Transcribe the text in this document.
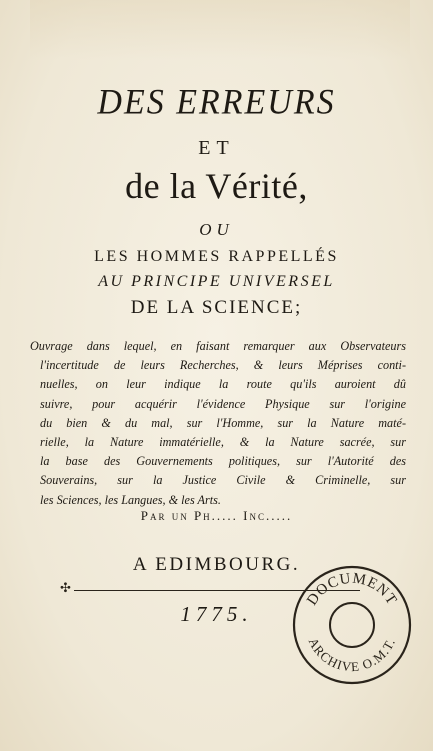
DES ERREURS
ET
de la Vérité,
OU
LES HOMMES RAPPELLÉS
AU PRINCIPE UNIVERSEL
DE LA SCIENCE;
Ouvrage dans lequel, en faisant remarquer aux Observateurs
l'incertitude de leurs Recherches, & leurs Méprises conti-
nuelles, on leur indique la route qu'ils auroient dû
suivre, pour acquérir l'évidence Physique sur l'origine
du bien & du mal, sur l'Homme, sur la Nature maté-
rielle, la Nature immatérielle, & la Nature sacrée, sur
la base des Gouvernements politiques, sur l'Autorité des
Souverains, sur la Justice Civile & Criminelle, sur
les Sciences, les Langues, & les Arts.
Par un Ph..... Inc.....
A EDIMBOURG.
✣
1775.
DOCUMENT
ARCHIVE O.M.T.
